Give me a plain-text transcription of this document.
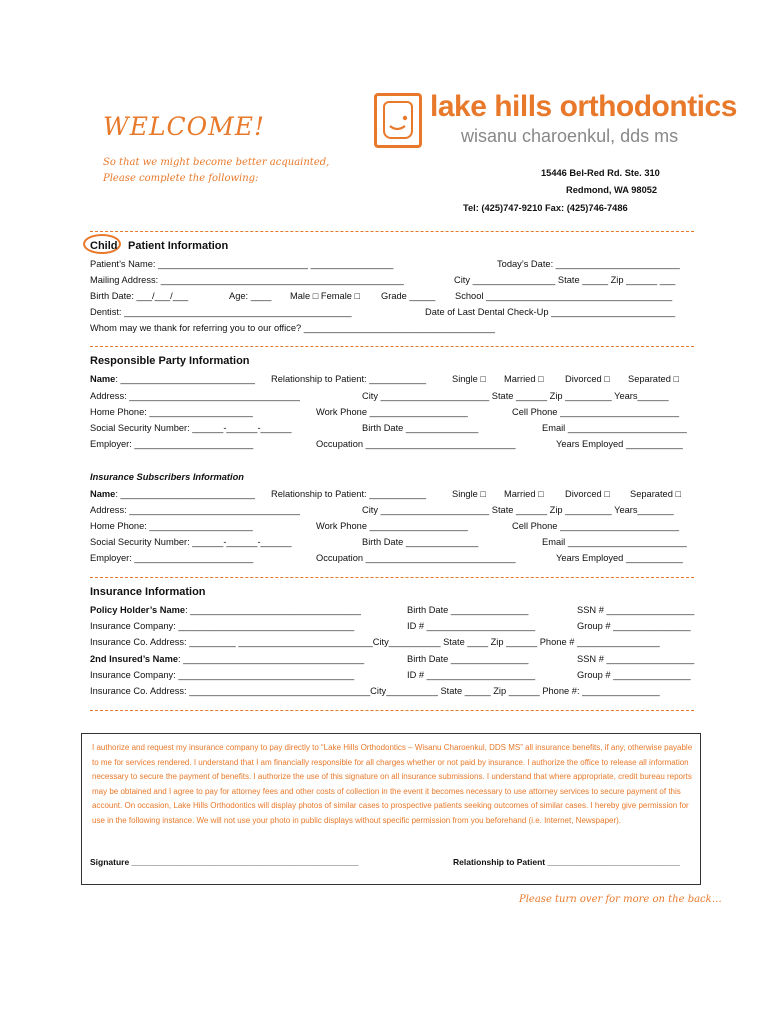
WELCOME!
So that we might become better acquainted,
Please complete the following:
lake hills orthodontics
wisanu charoenkul, dds ms
15446 Bel-Red Rd. Ste. 310
Redmond, WA 98052
Tel: (425)747-9210 Fax: (425)746-7486
Child Patient Information
Patient’s Name: _____________________________ ________________	Today’s Date: ________________________
Mailing Address: _______________________________________________	City ________________ State _____ Zip ______ ___
Birth Date: ___/___/___	Age: ____ Male □ Female □ Grade _____ School ____________________________________
Dentist: ____________________________________________	Date of Last Dental Check-Up ________________________
Whom may we thank for referring you to our office? _____________________________________
Responsible Party Information
Name: __________________________ Relationship to Patient: ___________	Single □ Married □ Divorced □ Separated □
Address: _________________________________	City _____________________ State ______ Zip _________ Years______
Home Phone: ____________________	Work Phone ___________________	Cell Phone _______________________
Social Security Number: ______-______-______	Birth Date ______________	Email _______________________
Employer: _______________________	Occupation _____________________________	Years Employed ___________
Insurance Subscribers Information
Name: __________________________ Relationship to Patient: ___________	Single □ Married □ Divorced □ Separated □
Address: _________________________________	City _____________________ State ______ Zip _________ Years_______
Home Phone: ____________________	Work Phone ___________________	Cell Phone _______________________
Social Security Number: ______-______-______	Birth Date ______________	Email _______________________
Employer: _______________________	Occupation _____________________________	Years Employed ___________
Insurance Information
Policy Holder’s Name: _________________________________	Birth Date _______________	SSN # _________________
Insurance Company: __________________________________	ID # _____________________	Group # _______________
Insurance Co. Address: _________ __________________________City__________ State ____ Zip ______ Phone # ________________
2nd Insured’s Name: ___________________________________	Birth Date _______________	SSN # _________________
Insurance Company: __________________________________	ID # _____________________	Group # _______________
Insurance Co. Address: ___________________________________City__________ State _____ Zip ______ Phone #: _______________
I authorize and request my insurance company to pay directly to “Lake Hills Orthodontics – Wisanu Charoenkul, DDS MS” all insurance benefits, if any, otherwise payable to me for services rendered. I understand that I am financially responsible for all charges whether or not paid by insurance. I authorize the office to release all information necessary to secure the payment of benefits. I authorize the use of this signature on all insurance submissions. I understand that where appropriate, credit bureau reports may be obtained and I agree to pay for attorney fees and other costs of collection in the event it becomes necessary to use attorney services to secure payment of this account. On occasion, Lake Hills Orthodontics will display photos of similar cases to prospective patients seeking outcomes of similar cases. I hereby give permission for use in the following instance. We will not use your photo in public displays without specific permission from you beforehand (i.e. Internet, Newspaper).
Signature ________________________________________________	Relationship to Patient ____________________________
Please turn over for more on the back…
